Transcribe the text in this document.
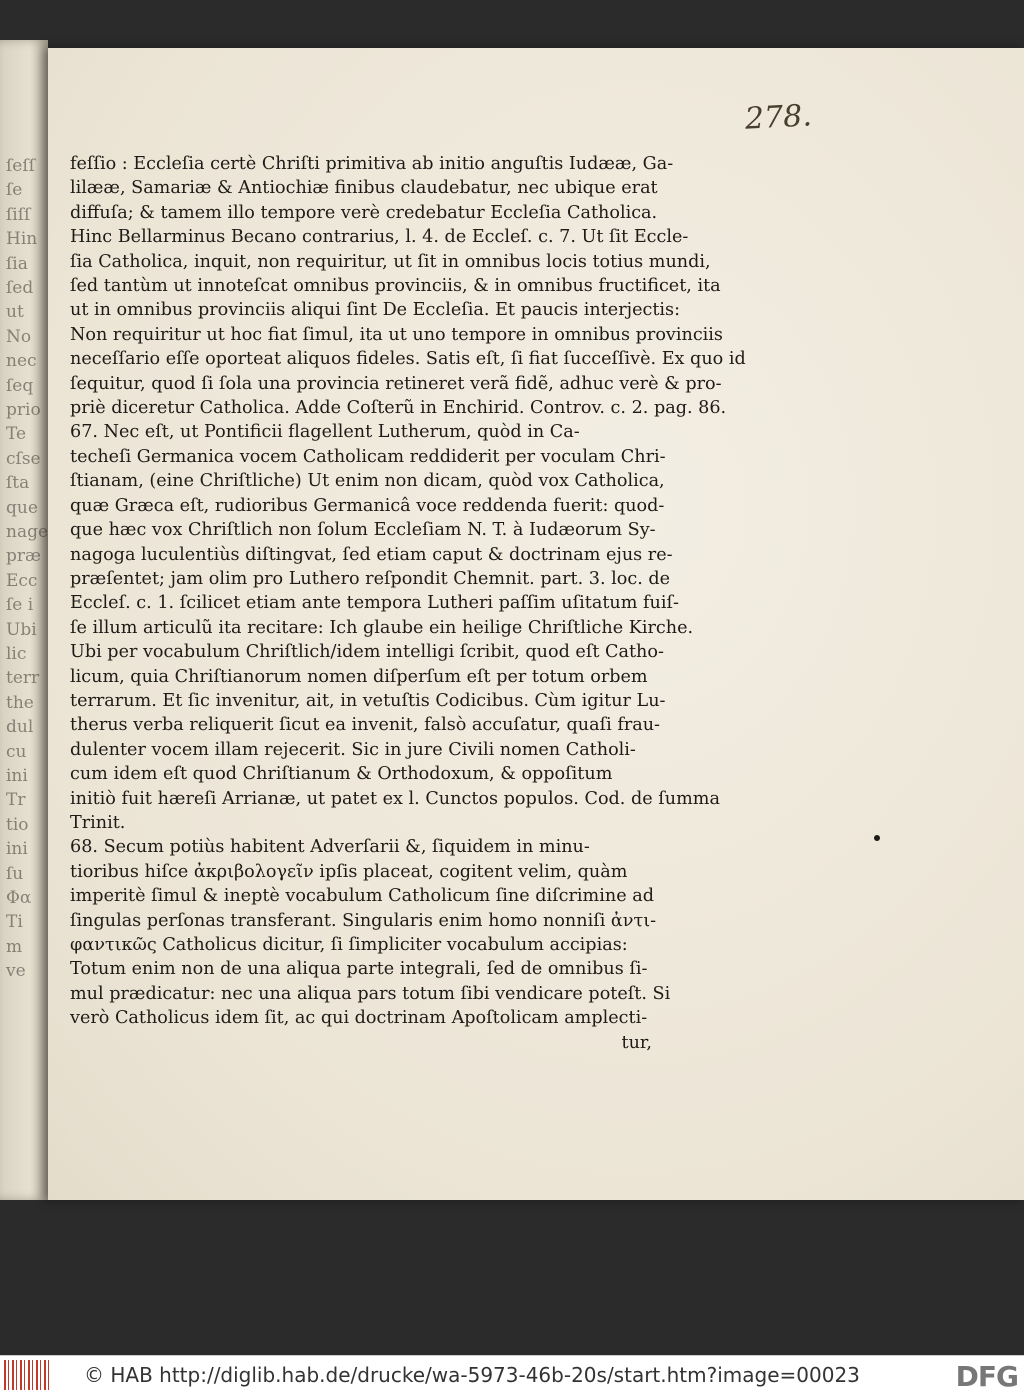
ſeſſ
ſe
ſiſſ
Hin
ſia
ſed
ut
No
nec
ſeq
prio
Te
cſse
ſta
que
nage
præ
Ecc
ſe i
Ubi
lic
terr
the
dul
cu
ini
Tr
tio
ini
ſu
Φα
Ti
m
ve
278.
feſſio : Eccleſia certè Chriſti primitiva ab initio anguſtis Iudææ, Ga-
lilææ, Samariæ & Antiochiæ finibus claudebatur, nec ubique erat
diffuſa; & tamem illo tempore verè credebatur Eccleſia Catholica.
Hinc Bellarminus Becano contrarius, l. 4. de Eccleſ. c. 7. Ut ſit Eccle-
ſia Catholica, inquit, non requiritur, ut ſit in omnibus locis totius mundi,
ſed tantùm ut innoteſcat omnibus provinciis, & in omnibus fructificet, ita
ut in omnibus provinciis aliqui ſint De Eccleſia. Et paucis interjectis:
Non requiritur ut hoc fiat ſimul, ita ut uno tempore in omnibus provinciis
neceſſario eſſe oporteat aliquos fideles. Satis eſt, ſi fiat ſucceſſivè. Ex quo id
ſequitur, quod ſi ſola una provincia retineret verã fidẽ, adhuc verè & pro-
priè diceretur Catholica. Adde Coſterũ in Enchirid. Controv. c. 2. pag. 86.
67. Nec eſt, ut Pontificii flagellent Lutherum, quòd in Ca-
techeſi Germanica vocem Catholicam reddiderit per voculam Chri-
ſtianam, (eine Chriſtliche) Ut enim non dicam, quòd vox Catholica,
quæ Græca eſt, rudioribus Germanicâ voce reddenda fuerit: quod-
que hæc vox Chriſtlich non ſolum Eccleſiam N. T. à Iudæorum Sy-
nagoga luculentiùs diſtingvat, ſed etiam caput & doctrinam ejus re-
præſentet; jam olim pro Luthero reſpondit Chemnit. part. 3. loc. de
Eccleſ. c. 1. ſcilicet etiam ante tempora Lutheri paſſim uſitatum fuiſ-
ſe illum articulũ ita recitare: Ich glaube ein heilige Chriſtliche Kirche.
Ubi per vocabulum Chriſtlich/idem intelligi ſcribit, quod eſt Catho-
licum, quia Chriſtianorum nomen diſperſum eſt per totum orbem
terrarum. Et ſic invenitur, ait, in vetuſtis Codicibus. Cùm igitur Lu-
therus verba reliquerit ſicut ea invenit, falsò accuſatur, quaſi frau-
dulenter vocem illam rejecerit. Sic in jure Civili nomen Catholi-
cum idem eſt quod Chriſtianum & Orthodoxum, & oppoſitum
initiò fuit hæreſi Arrianæ, ut patet ex l. Cunctos populos. Cod. de ſumma
Trinit.
68. Secum potiùs habitent Adverſarii &, ſiquidem in minu-
tioribus hiſce ἀκριβολογεῖν ipſis placeat, cogitent velim, quàm
imperitè ſimul & ineptè vocabulum Catholicum ſine diſcrimine ad
ſingulas perſonas transferant. Singularis enim homo nonniſi ἀντι-
φαντικῶς Catholicus dicitur, ſi ſimpliciter vocabulum accipias:
Totum enim non de una aliqua parte integrali, ſed de omnibus ſi-
mul prædicatur: nec una aliqua pars totum ſibi vendicare poteſt. Si
verò Catholicus idem ſit, ac qui doctrinam Apoſtolicam amplecti-
tur,
© HAB http://diglib.hab.de/drucke/wa-5973-46b-20s/start.htm?image=00023	DFG
